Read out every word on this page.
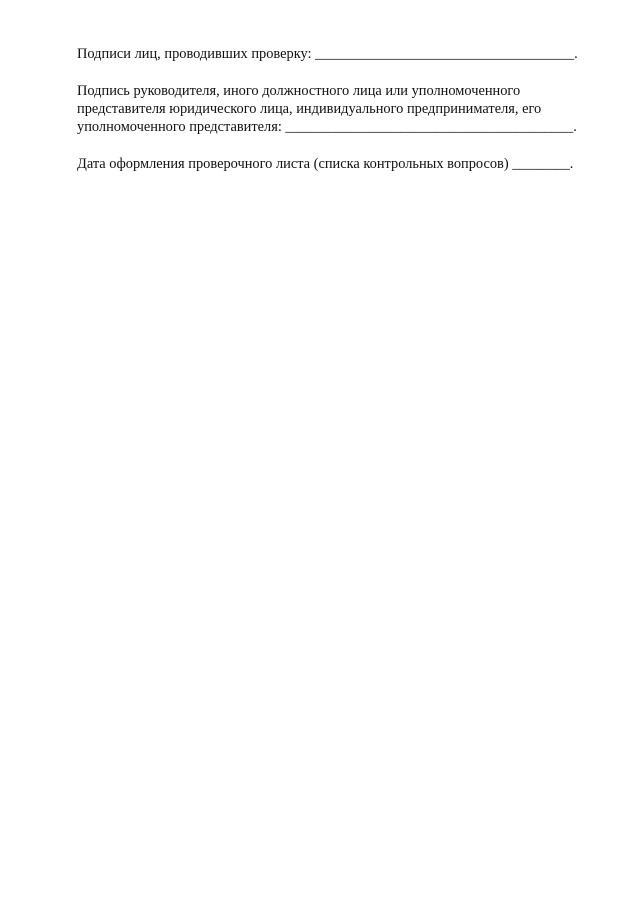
Подписи лиц, проводивших проверку: ____________________________________.
Подпись руководителя, иного должностного лица или уполномоченного
представителя юридического лица, индивидуального предпринимателя, его
уполномоченного представителя: ________________________________________.
Дата оформления проверочного листа (списка контрольных вопросов) ________.
